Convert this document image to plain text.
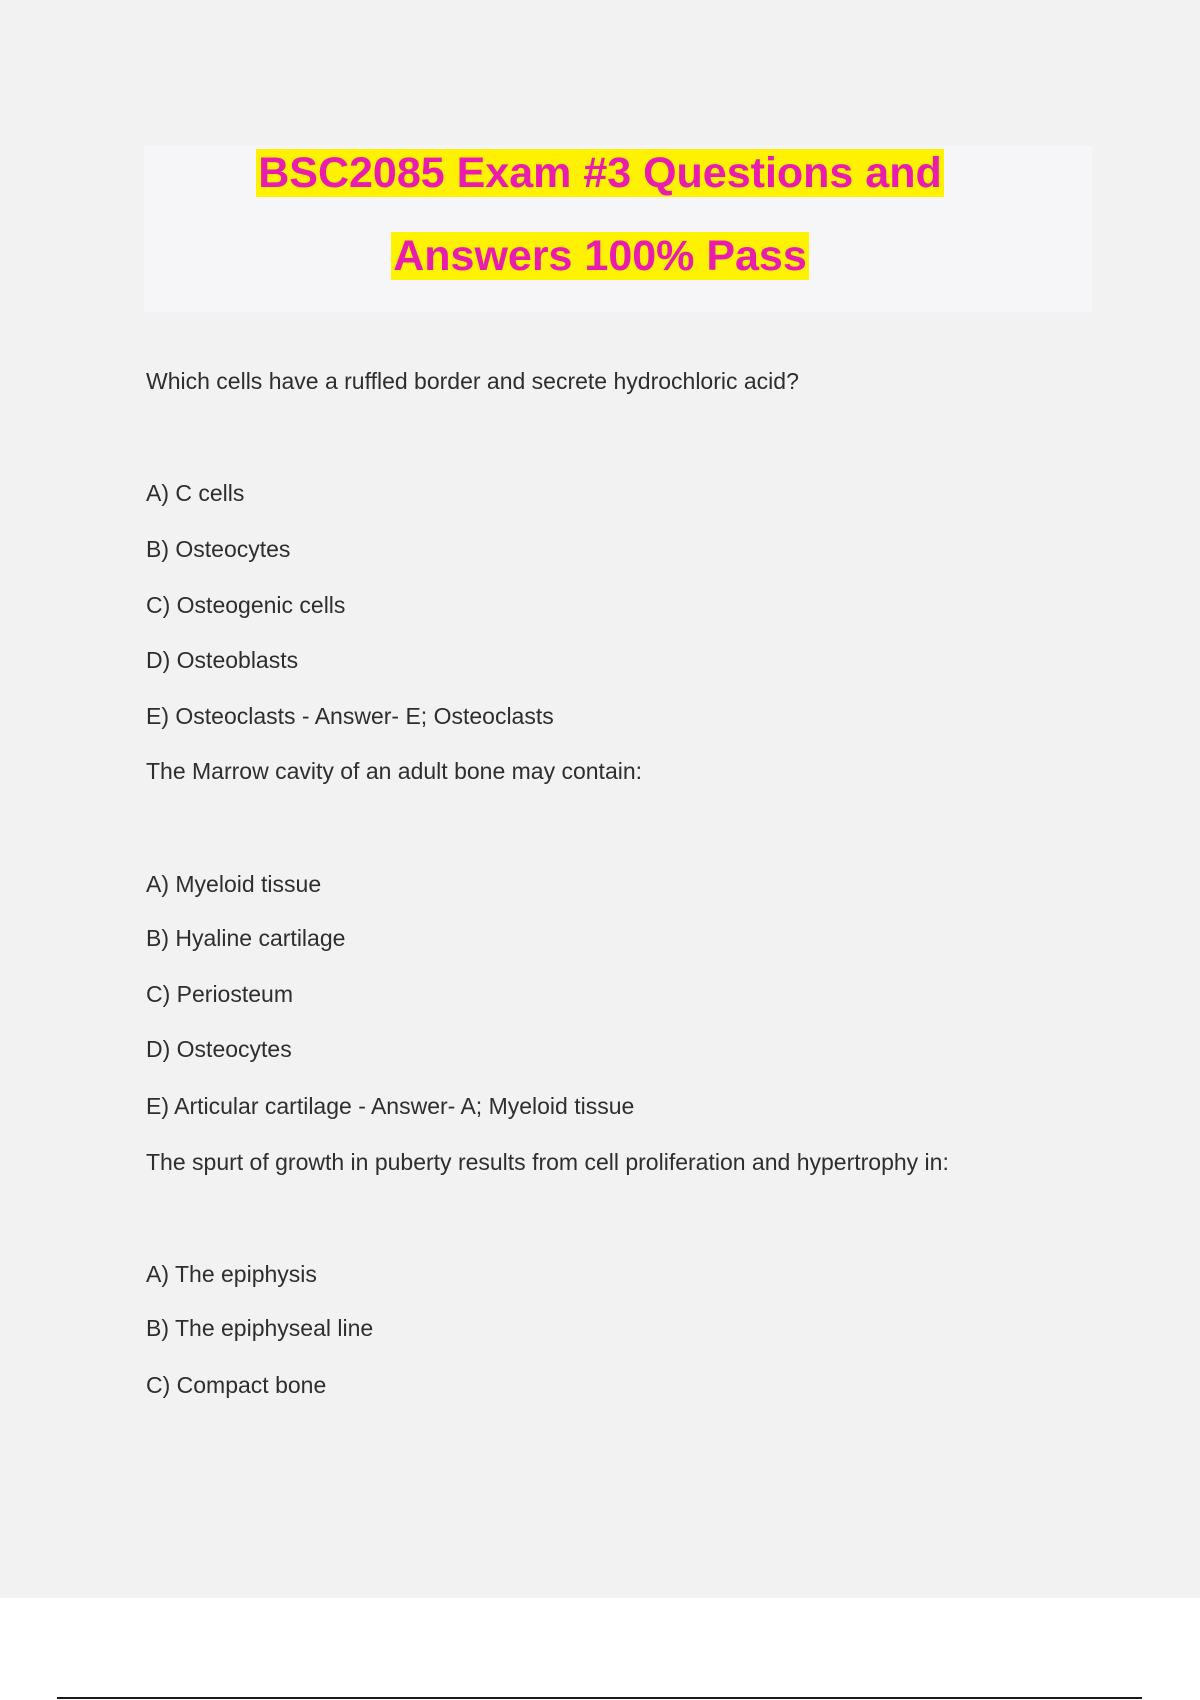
BSC2085 Exam #3 Questions and
Answers 100% Pass
Which cells have a ruffled border and secrete hydrochloric acid?
A) C cells
B) Osteocytes
C) Osteogenic cells
D) Osteoblasts
E) Osteoclasts - Answer- E; Osteoclasts
The Marrow cavity of an adult bone may contain:
A) Myeloid tissue
B) Hyaline cartilage
C) Periosteum
D) Osteocytes
E) Articular cartilage - Answer- A; Myeloid tissue
The spurt of growth in puberty results from cell proliferation and hypertrophy in:
A) The epiphysis
B) The epiphyseal line
C) Compact bone
